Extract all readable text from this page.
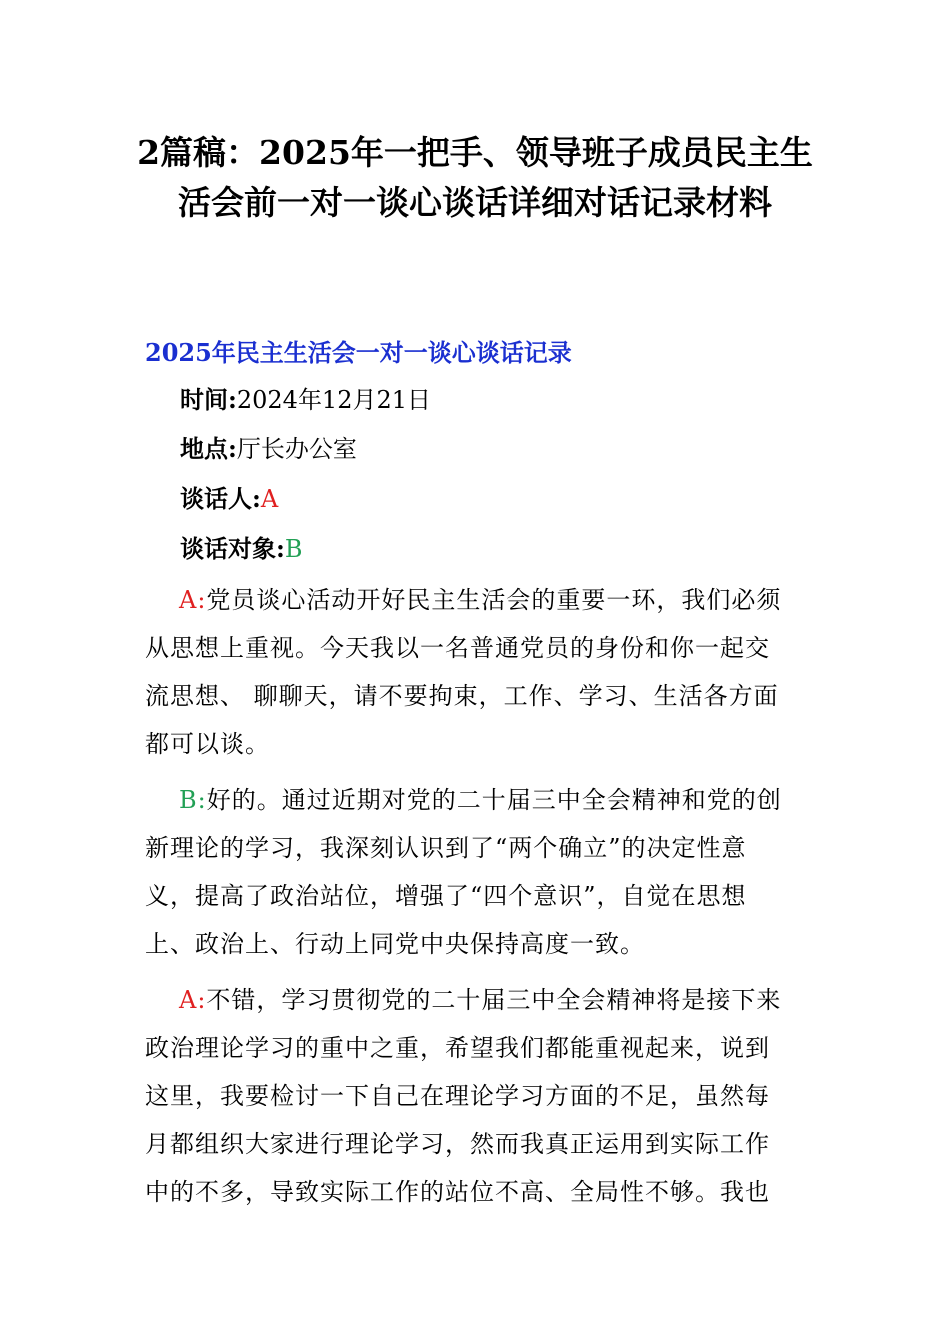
2篇稿：2025年一把手、领导班子成员民主生
活会前一对一谈心谈话详细对话记录材料
2025年民主生活会一对一谈心谈话记录
时间:2024年12月21日
地点:厅长办公室
谈话人:A
谈话对象:B

A:党员谈心活动开好民主生活会的重要一环，我们必须
从思想上重视。今天我以一名普通党员的身份和你一起交
流思想、 聊聊天，请不要拘束，工作、学习、生活各方面
都可以谈。

B:好的。通过近期对党的二十届三中全会精神和党的创
新理论的学习，我深刻认识到了“两个确立”的决定性意
义，提高了政治站位，增强了“四个意识”，自觉在思想
上、政治上、行动上同党中央保持高度一致。

A:不错，学习贯彻党的二十届三中全会精神将是接下来
政治理论学习的重中之重，希望我们都能重视起来，说到
这里，我要检讨一下自己在理论学习方面的不足，虽然每
月都组织大家进行理论学习，然而我真正运用到实际工作
中的不多，导致实际工作的站位不高、全局性不够。我也
